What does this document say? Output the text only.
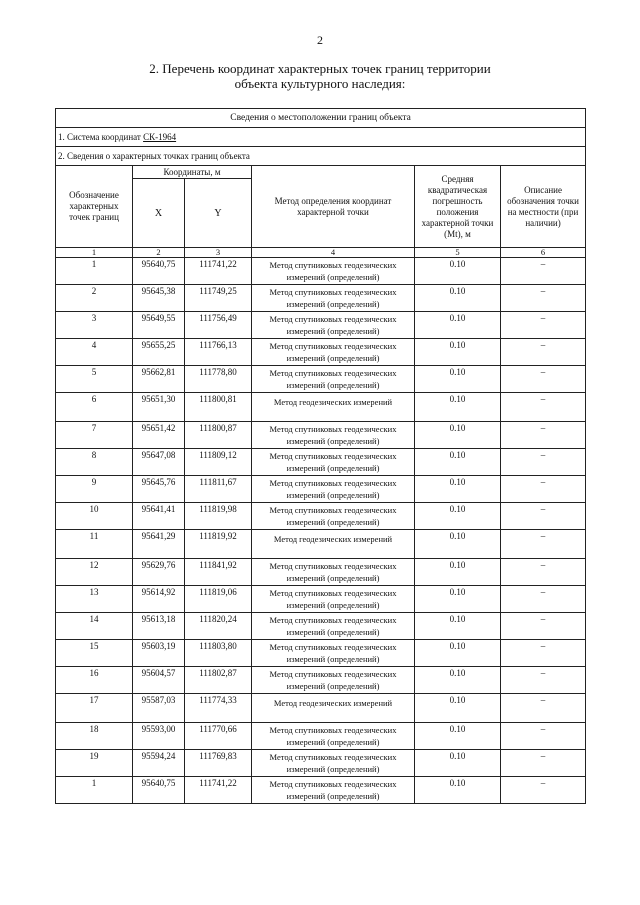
2
2. Перечень координат характерных точек границ территории
объекта культурного наследия:
Сведения о местоположении границ объекта					
1. Система координат СК-1964					
2. Сведения о характерных точках границ объекта					
Обозначение характерных точек границ	Координаты, м		Метод определения координат характерной точки	Средняя квадратическая погрешность положения характерной точки (Mt), м	Описание обозначения точки на местности (при наличии)
	X	Y			
1	2	3	4	5	6
1	95640,75	111741,22	Метод спутниковых геодезических измерений (определений)	0.10	–
2	95645,38	111749,25	Метод спутниковых геодезических измерений (определений)	0.10	–
3	95649,55	111756,49	Метод спутниковых геодезических измерений (определений)	0.10	–
4	95655,25	111766,13	Метод спутниковых геодезических измерений (определений)	0.10	–
5	95662,81	111778,80	Метод спутниковых геодезических измерений (определений)	0.10	–
6	95651,30	111800,81	Метод геодезических измерений	0.10	–
7	95651,42	111800,87	Метод спутниковых геодезических измерений (определений)	0.10	–
8	95647,08	111809,12	Метод спутниковых геодезических измерений (определений)	0.10	–
9	95645,76	111811,67	Метод спутниковых геодезических измерений (определений)	0.10	–
10	95641,41	111819,98	Метод спутниковых геодезических измерений (определений)	0.10	–
11	95641,29	111819,92	Метод геодезических измерений	0.10	–
12	95629,76	111841,92	Метод спутниковых геодезических измерений (определений)	0.10	–
13	95614,92	111819,06	Метод спутниковых геодезических измерений (определений)	0.10	–
14	95613,18	111820,24	Метод спутниковых геодезических измерений (определений)	0.10	–
15	95603,19	111803,80	Метод спутниковых геодезических измерений (определений)	0.10	–
16	95604,57	111802,87	Метод спутниковых геодезических измерений (определений)	0.10	–
17	95587,03	111774,33	Метод геодезических измерений	0.10	–
18	95593,00	111770,66	Метод спутниковых геодезических измерений (определений)	0.10	–
19	95594,24	111769,83	Метод спутниковых геодезических измерений (определений)	0.10	–
1	95640,75	111741,22	Метод спутниковых геодезических измерений (определений)	0.10	–
